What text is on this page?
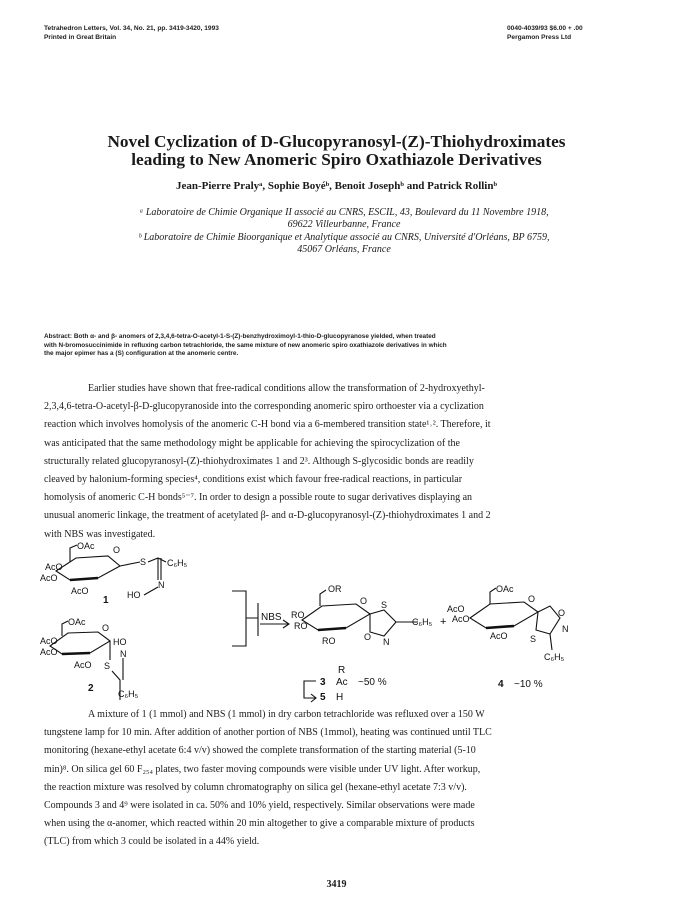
Tetrahedron Letters, Vol. 34, No. 21, pp. 3419-3420, 1993
Printed in Great Britain
0040-4039/93 $6.00 + .00
Pergamon Press Ltd
Novel Cyclization of D-Glucopyranosyl-(Z)-Thiohydroximates
leading to New Anomeric Spiro Oxathiazole Derivatives
Jean-Pierre Pralyᵃ, Sophie Boyéᵇ, Benoit Josephᵇ and Patrick Rollinᵇ
ᵃ Laboratoire de Chimie Organique II associé au CNRS, ESCIL, 43, Boulevard du 11 Novembre 1918,
69622 Villeurbanne, France
ᵇ Laboratoire de Chimie Bioorganique et Analytique associé au CNRS, Université d'Orléans, BP 6759,
45067 Orléans, France
Abstract: Both α- and β- anomers of 2,3,4,6-tetra-O-acetyl-1-S-(Z)-benzhydroximoyl-1-thio-D-glucopyranose yielded, when treated
with N-bromosuccinimide in refluxing carbon tetrachloride, the same mixture of new anomeric spiro oxathiazole derivatives in which
the major epimer has a (S) configuration at the anomeric centre.
Earlier studies have shown that free-radical conditions allow the transformation of 2-hydroxyethyl-
2,3,4,6-tetra-O-acetyl-β-D-glucopyranoside into the corresponding anomeric spiro orthoester via a cyclization
reaction which involves homolysis of the anomeric C-H bond via a 6-membered transition state¹˒². Therefore, it
was anticipated that the same methodology might be applicable for achieving the spirocyclization of the
structurally related glucopyranosyl-(Z)-thiohydroximates 1 and 2³. Although S-glycosidic bonds are readily
cleaved by halonium-forming species⁴, conditions exist which favour free-radical reactions, in particular
homolysis of anomeric C-H bonds⁵⁻⁷. In order to design a possible route to sugar derivatives displaying an
unusual anomeric linkage, the treatment of acetylated β- and α-D-glucopyranosyl-(Z)-thiohydroximates 1 and 2
with NBS was investigated.
OAc O
AcO
AcO
AcO
S C₆H₅
N
HO
1
OAc
O
AcO
AcO
AcO S
N
HO
C₆H₅
2
NBS
OR
RO
RO
RO
O S
O N
C₆H₅ +
OAc
AcO
AcO
AcO
O
S
O
N
C₆H₅
R
3 Ac ~50 %
5 H
4 ~10 %
A mixture of 1 (1 mmol) and NBS (1 mmol) in dry carbon tetrachloride was refluxed over a 150 W
tungstene lamp for 10 min. After addition of another portion of NBS (1mmol), heating was continued until TLC
monitoring (hexane-ethyl acetate 6:4 v/v) showed the complete transformation of the starting material (5-10
min)⁸. On silica gel 60 F₂₅₄ plates, two faster moving compounds were visible under UV light. After workup,
the reaction mixture was resolved by column chromatography on silica gel (hexane-ethyl acetate 7:3 v/v).
Compounds 3 and 4⁹ were isolated in ca. 50% and 10% yield, respectively. Similar observations were made
when using the α-anomer, which reacted within 20 min altogether to give a comparable mixture of products
(TLC) from which 3 could be isolated in a 44% yield.
3419
